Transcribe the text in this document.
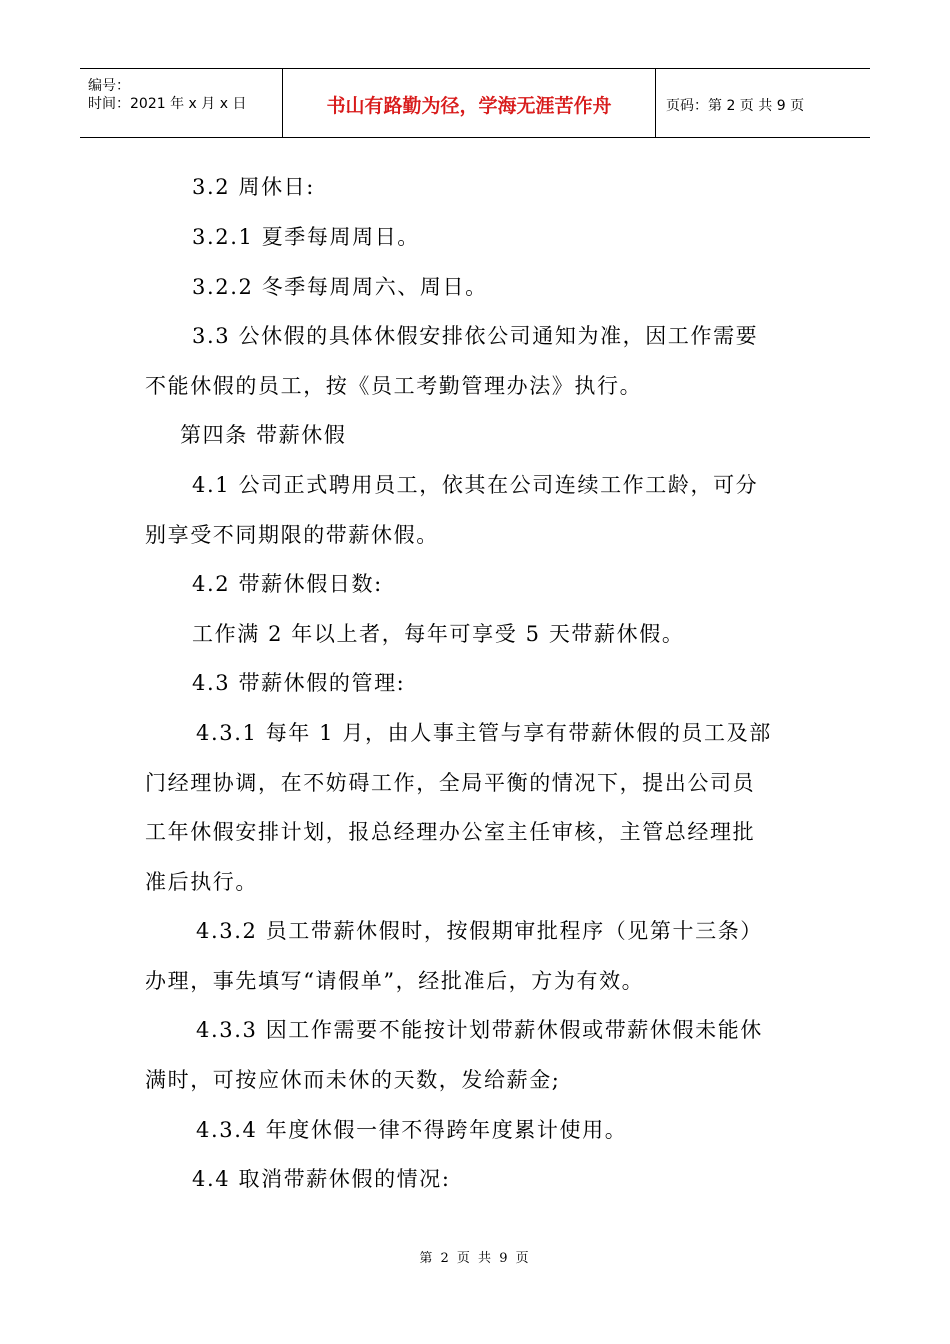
编号：
时间：2021 年 x 月 x 日	书山有路勤为径，学海无涯苦作舟	页码：第 2 页 共 9 页
3.2 周休日:
3.2.1 夏季每周周日。
3.2.2 冬季每周周六、周日。
3.3 公休假的具体休假安排依公司通知为准，因工作需要
不能休假的员工，按《员工考勤管理办法》执行。
第四条 带薪休假
4.1 公司正式聘用员工，依其在公司连续工作工龄，可分
别享受不同期限的带薪休假。
4.2 带薪休假日数:
工作满 2 年以上者，每年可享受 5 天带薪休假。
4.3 带薪休假的管理:
4.3.1 每年 1 月，由人事主管与享有带薪休假的员工及部
门经理协调，在不妨碍工作，全局平衡的情况下，提出公司员
工年休假安排计划，报总经理办公室主任审核，主管总经理批
准后执行。
4.3.2 员工带薪休假时，按假期审批程序（见第十三条）
办理，事先填写“请假单”，经批准后，方为有效。
4.3.3 因工作需要不能按计划带薪休假或带薪休假未能休
满时，可按应休而未休的天数，发给薪金;
4.3.4 年度休假一律不得跨年度累计使用。
4.4 取消带薪休假的情况:
第 2 页 共 9 页
